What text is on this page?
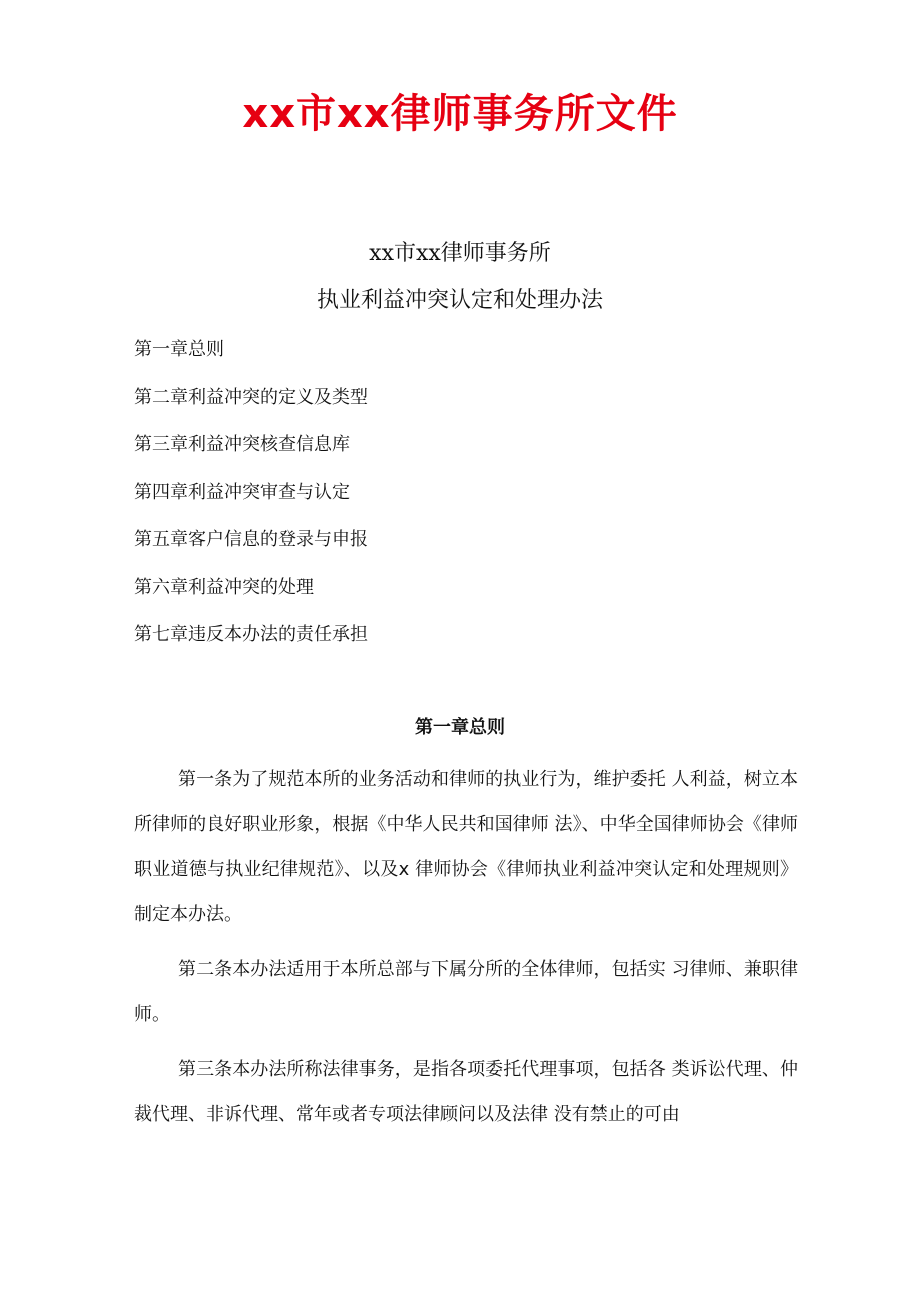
xx市xx律师事务所文件
xx市xx律师事务所
执业利益冲突认定和处理办法
第一章总则
第二章利益冲突的定义及类型
第三章利益冲突核查信息库
第四章利益冲突审查与认定
第五章客户信息的登录与申报
第六章利益冲突的处理
第七章违反本办法的责任承担
第一章总则

第一条为了规范本所的业务活动和律师的执业行为，维护委托 人利益，树立本所律师的良好职业形象，根据《中华人民共和国律师 法》、中华全国律师协会《律师职业道德与执业纪律规范》、以及x 律师协会《律师执业利益冲突认定和处理规则》制定本办法。

第二条本办法适用于本所总部与下属分所的全体律师，包括实 习律师、兼职律师。

第三条本办法所称法律事务，是指各项委托代理事项，包括各 类诉讼代理、仲裁代理、非诉代理、常年或者专项法律顾问以及法律 没有禁止的可由
